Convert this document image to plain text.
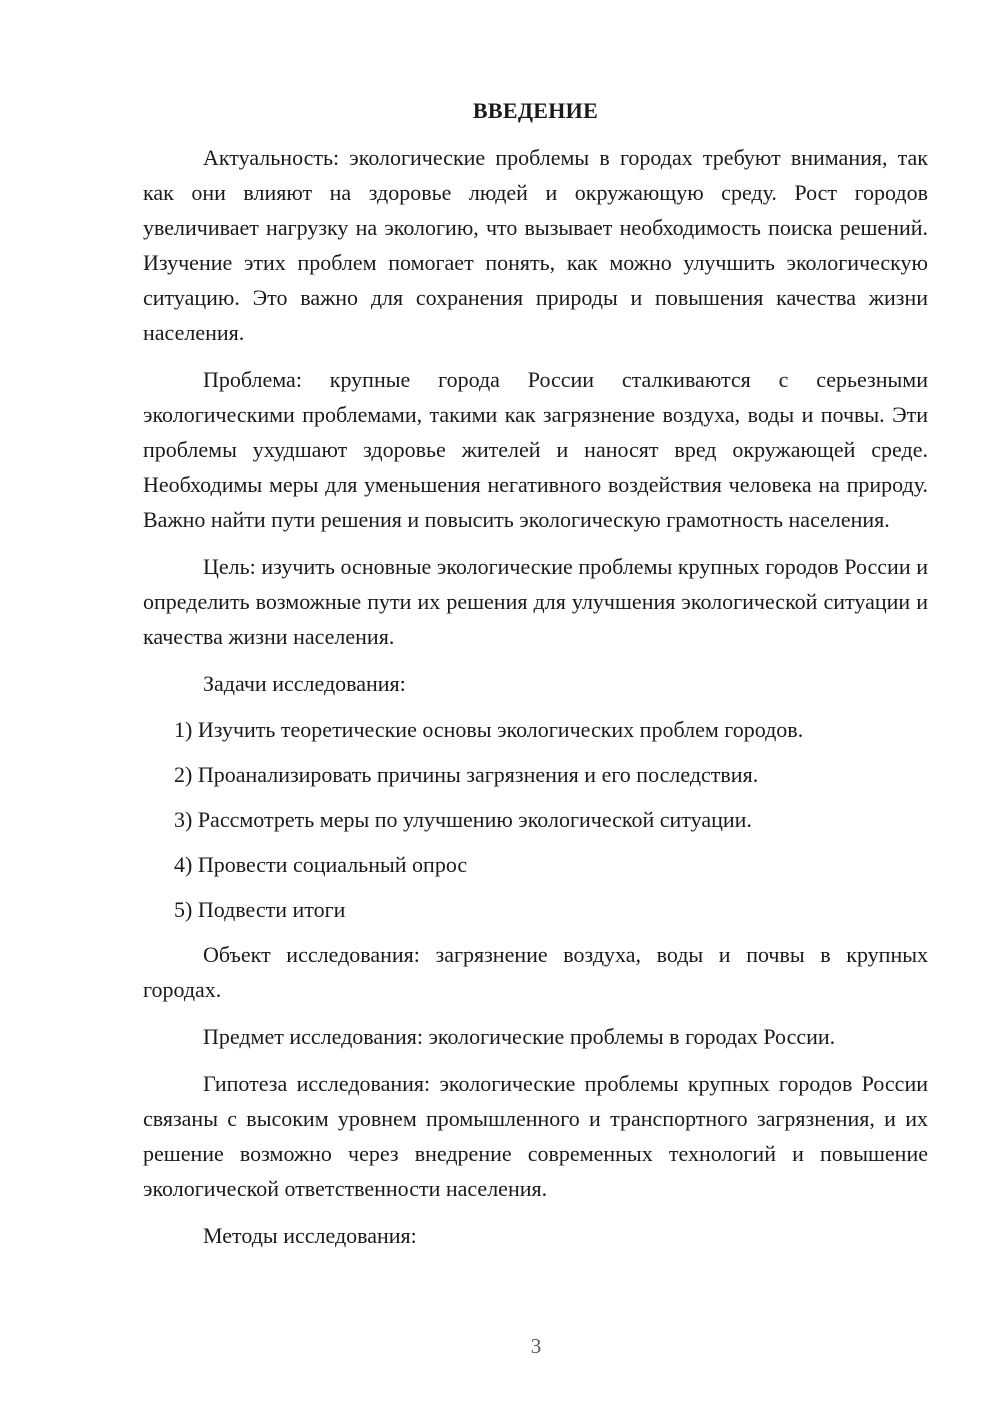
ВВЕДЕНИЕ

Актуальность: экологические проблемы в городах требуют внимания, так как они влияют на здоровье людей и окружающую среду. Рост городов увеличивает нагрузку на экологию, что вызывает необходимость поиска решений. Изучение этих проблем помогает понять, как можно улучшить экологическую ситуацию. Это важно для сохранения природы и повышения качества жизни населения.

Проблема: крупные города России сталкиваются с серьезными экологическими проблемами, такими как загрязнение воздуха, воды и почвы. Эти проблемы ухудшают здоровье жителей и наносят вред окружающей среде. Необходимы меры для уменьшения негативного воздействия человека на природу. Важно найти пути решения и повысить экологическую грамотность населения.

Цель: изучить основные экологические проблемы крупных городов России и определить возможные пути их решения для улучшения экологической ситуации и качества жизни населения.

Задачи исследования:

1) Изучить теоретические основы экологических проблем городов.
2) Проанализировать причины загрязнения и его последствия.
3) Рассмотреть меры по улучшению экологической ситуации.
4) Провести социальный опрос
5) Подвести итоги

Объект исследования: загрязнение воздуха, воды и почвы в крупных городах.

Предмет исследования: экологические проблемы в городах России.

Гипотеза исследования: экологические проблемы крупных городов России связаны с высоким уровнем промышленного и транспортного загрязнения, и их решение возможно через внедрение современных технологий и повышение экологической ответственности населения.

Методы исследования:

3
